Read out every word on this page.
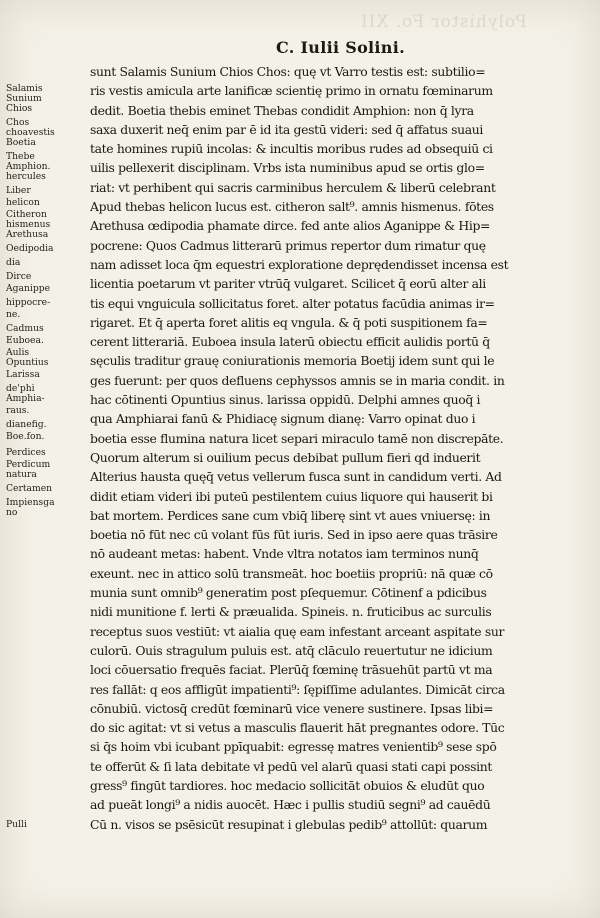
Polyhistor Fo. XII
C. Iulii Solini.
Salamis
Sunium
Chios
Chos
choavestis
Boetia
Thebe
Amphion.
hercules
Liber
helicon
Citheron
hismenus
Arethusa
Oedipodia
dia
Dirce
Aganippe
hippocre-
ne.
Cadmus
Euboea.
Aulis
Opuntius
Larissa
de'phi
Amphia-
raus.
dianefig.
Boe.fon.
Perdices
Perdicum
natura
Certamen
Impiensga
no
Pulli
sunt Salamis Sunium Chios Chos: quę vt Varro testis est: subtilio=
ris vestis amicula arte lanificæ scientię primo in ornatu fœminarum
dedit. Boetia thebis eminet Thebas condidit Amphion: non q̄ lyra
saxa duxerit neq̄ enim par ē id ita gestū videri: sed q̄ affatus suaui
tate homines rupiū incolas: & incultis moribus rudes ad obsequiū ci
uilis pellexerit disciplinam. Vrbs ista numinibus apud se ortis glo=
riat: vt perhibent qui sacris carminibus herculem & liberū celebrant
Apud thebas helicon lucus est. citheron salt⁹. amnis hismenus. fōtes
Arethusa œdipodia phamate dirce. fed ante alios Aganippe & Hip=
pocrene: Quos Cadmus litterarū primus repertor dum rimatur quę
nam adisset loca q̄m equestri exploratione deprędendisset incensa est
licentia poetarum vt pariter vtrūq̄ vulgaret. Scilicet q̄ eorū alter ali
tis equi vnguicula sollicitatus foret. alter potatus facūdia animas ir=
rigaret. Et q̄ aperta foret alitis eq vngula. & q̄ poti suspitionem fa=
cerent litterariā. Euboea insula laterū obiectu efficit aulidis portū q̄
sęculis traditur grauę coniurationis memoria Boetij idem sunt qui le
ges fuerunt: per quos defluens cephyssos amnis se in maria condit. in
hac cōtinenti Opuntius sinus. larissa oppidū. Delphi amnes quoq̄ i
qua Amphiarai fanū & Phidiacę signum dianę: Varro opinat duo i
boetia esse flumina natura licet separi miraculo tamē non discrepāte.
Quorum alterum si ouilium pecus debibat pullum fieri qd induerit
Alterius hausta quęq̄ vetus vellerum fusca sunt in candidum verti. Ad
didit etiam videri ibi puteū pestilentem cuius liquore qui hauserit bi
bat mortem. Perdices sane cum vbiq̄ liberę sint vt aues vniuersę: in
boetia nō fūt nec cū volant fūs fūt iuris. Sed in ipso aere quas trāsire
nō audeant metas: habent. Vnde vltra notatos iam terminos nunq̄
exeunt. nec in attico solū transmeāt. hoc boetiis propriū: nā quæ cō
munia sunt omnib⁹ generatim post pſequemur. Cōtinenf a pdicibus
nidi munitione f. lerti & præualida. Spineis. n. fruticibus ac surculis
receptus suos vestiūt: vt aialia quę eam infestant arceant aspitate sur
culorū. Ouis stragulum puluis est. atq̄ clāculo reuertutur ne idicium
loci cōuersatio frequēs faciat. Plerūq̄ fœminę trāsuehūt partū vt ma
res fallāt: q eos affligūt impatienti⁹: ſępiſſime adulantes. Dimicāt circa
cōnubiū. victosq̄ credūt fœminarū vice venere sustinere. Ipsas libi=
do sic agitat: vt si vetus a masculis flauerit hāt pregnantes odore. Tūc
si q̄s hoim vbi icubant ppīquabit: egressę matres venientib⁹ sese spō
te offerūt & ſi lata debitate vł pedū vel alarū quasi stati capi possint
gress⁹ fingūt tardiores. hoc medacio sollicitāt obuios & eludūt quo
ad pueāt longi⁹ a nidis auocēt. Hæc i pullis studiū segni⁹ ad cauēdū
Cū n. visos se psēsicūt resupinat i glebulas pedib⁹ attollūt: quarum
